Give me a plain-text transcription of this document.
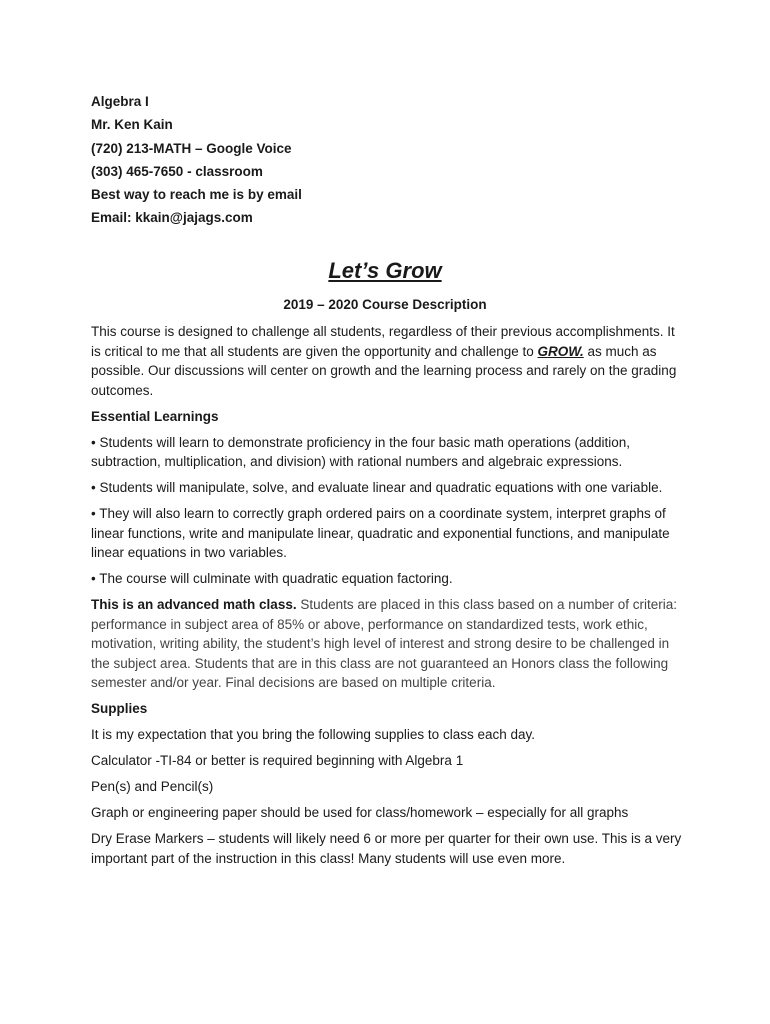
Algebra I
Mr. Ken Kain
(720) 213-MATH – Google Voice
(303) 465-7650 - classroom
Best way to reach me is by email
Email: kkain@jajags.com
Let’s Grow
2019 – 2020 Course Description

This course is designed to challenge all students, regardless of their previous accomplishments. It is critical to me that all students are given the opportunity and challenge to GROW. as much as possible. Our discussions will center on growth and the learning process and rarely on the grading outcomes.

Essential Learnings

• Students will learn to demonstrate proficiency in the four basic math operations (addition, subtraction, multiplication, and division) with rational numbers and algebraic expressions.

• Students will manipulate, solve, and evaluate linear and quadratic equations with one variable.

• They will also learn to correctly graph ordered pairs on a coordinate system, interpret graphs of linear functions, write and manipulate linear, quadratic and exponential functions, and manipulate linear equations in two variables.

• The course will culminate with quadratic equation factoring.

This is an advanced math class. Students are placed in this class based on a number of criteria: performance in subject area of 85% or above, performance on standardized tests, work ethic, motivation, writing ability, the student’s high level of interest and strong desire to be challenged in the subject area. Students that are in this class are not guaranteed an Honors class the following semester and/or year. Final decisions are based on multiple criteria.

Supplies

It is my expectation that you bring the following supplies to class each day.

Calculator -TI-84 or better is required beginning with Algebra 1

Pen(s) and Pencil(s)

Graph or engineering paper should be used for class/homework – especially for all graphs

Dry Erase Markers – students will likely need 6 or more per quarter for their own use. This is a very important part of the instruction in this class! Many students will use even more.
